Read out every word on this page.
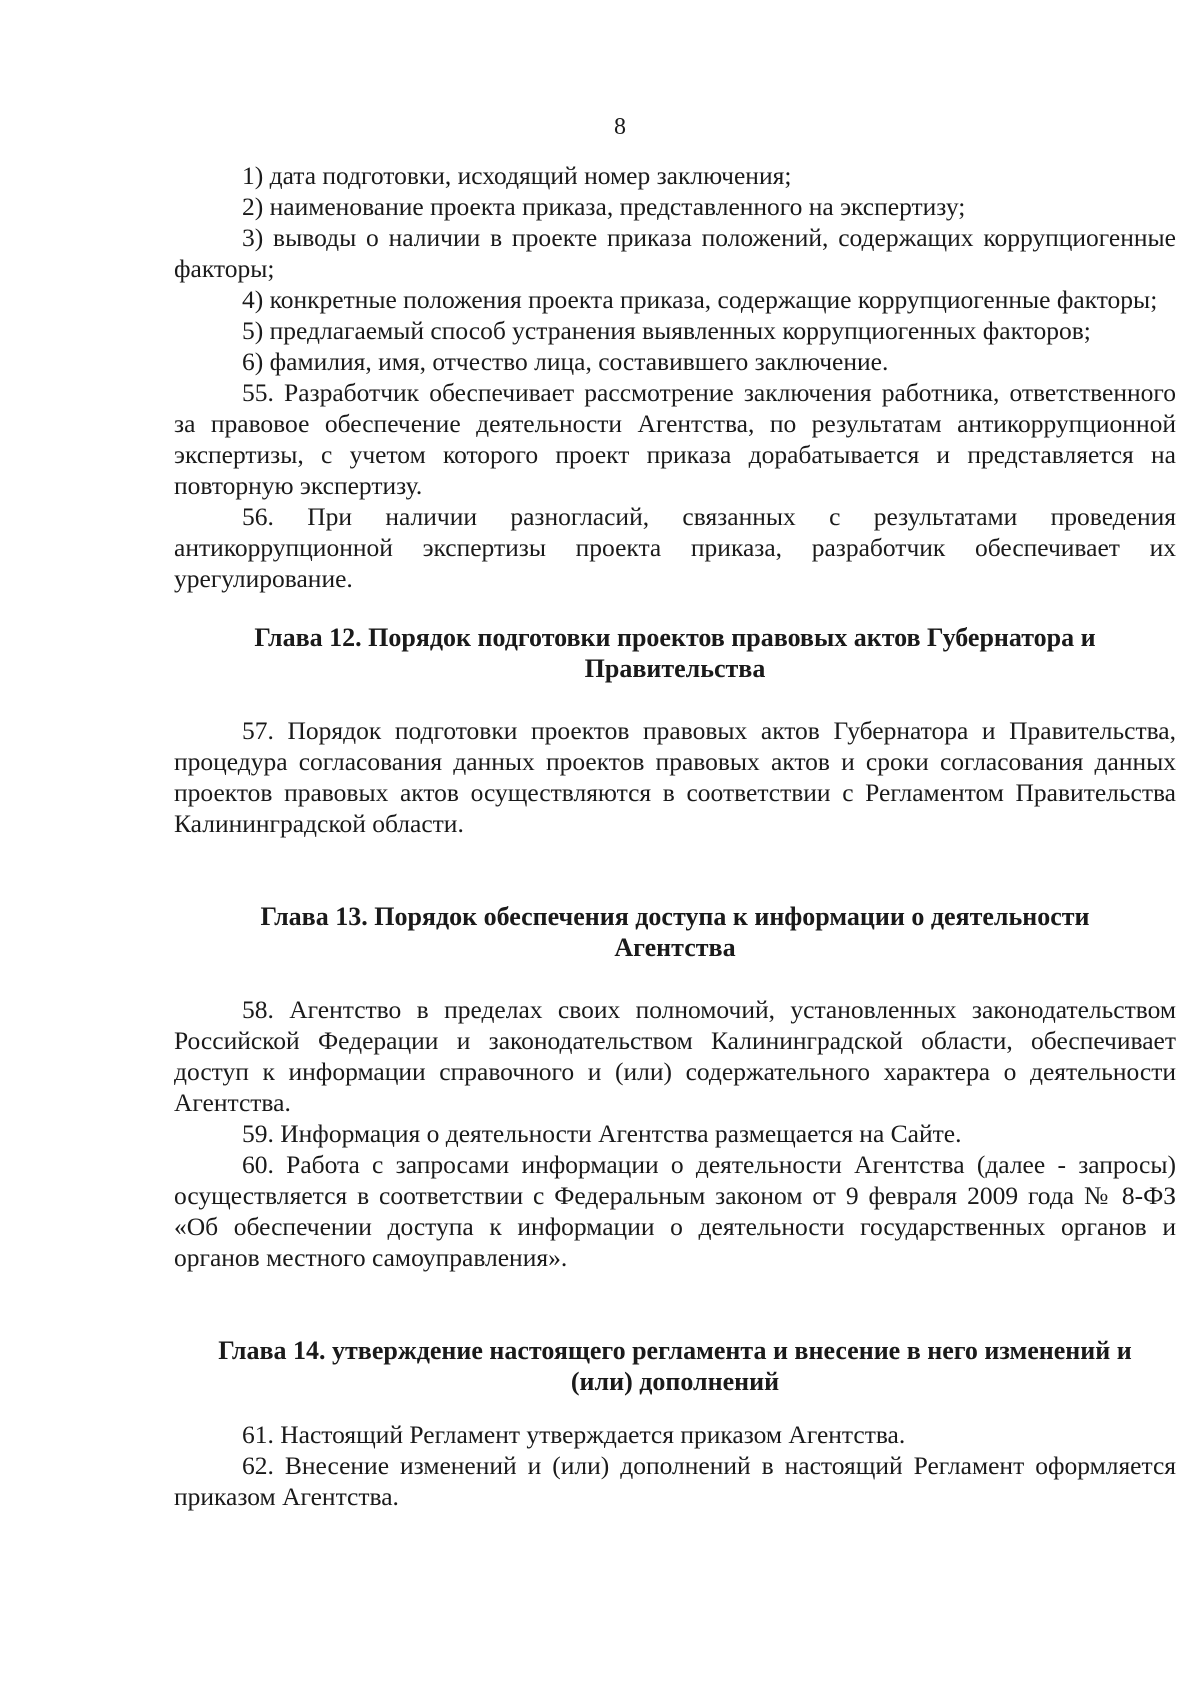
8

1) дата подготовки, исходящий номер заключения;

2) наименование проекта приказа, представленного на экспертизу;

3) выводы о наличии в проекте приказа положений, содержащих коррупциогенные факторы;

4) конкретные положения проекта приказа, содержащие коррупциогенные факторы;

5) предлагаемый способ устранения выявленных коррупциогенных факторов;

6) фамилия, имя, отчество лица, составившего заключение.

55. Разработчик обеспечивает рассмотрение заключения работника, ответственного за правовое обеспечение деятельности Агентства, по результатам антикоррупционной экспертизы, с учетом которого проект приказа дорабатывается и представляется на повторную экспертизу.

56. При наличии разногласий, связанных с результатами проведения антикоррупционной экспертизы проекта приказа, разработчик обеспечивает их урегулирование.

Глава 12. Порядок подготовки проектов правовых актов Губернатора и
Правительства

57. Порядок подготовки проектов правовых актов Губернатора и Правительства, процедура согласования данных проектов правовых актов и сроки согласования данных проектов правовых актов осуществляются в соответствии с Регламентом Правительства Калининградской области.

Глава 13. Порядок обеспечения доступа к информации о деятельности
Агентства

58. Агентство в пределах своих полномочий, установленных законодательством Российской Федерации и законодательством Калининградской области, обеспечивает доступ к информации справочного и (или) содержательного характера о деятельности Агентства.

59. Информация о деятельности Агентства размещается на Сайте.

60. Работа с запросами информации о деятельности Агентства (далее - запросы) осуществляется в соответствии с Федеральным законом от 9 февраля 2009 года № 8-ФЗ «Об обеспечении доступа к информации о деятельности государственных органов и органов местного самоуправления».

Глава 14. утверждение настоящего регламента и внесение в него изменений и
(или) дополнений

61. Настоящий Регламент утверждается приказом Агентства.

62. Внесение изменений и (или) дополнений в настоящий Регламент оформляется приказом Агентства.
